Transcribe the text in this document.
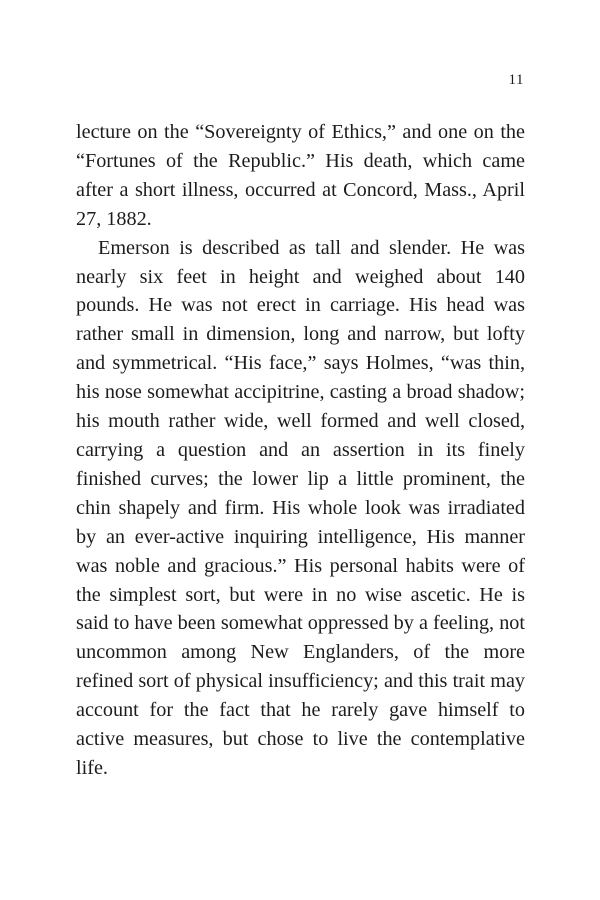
11

lecture on the “Sovereignty of Ethics,” and one on the “Fortunes of the Republic.” His death, which came after a short illness, occurred at Concord, Mass., April 27, 1882.

Emerson is described as tall and slender. He was nearly six feet in height and weighed about 140 pounds. He was not erect in carriage. His head was rather small in dimension, long and narrow, but lofty and symmetrical. “His face,” says Holmes, “was thin, his nose somewhat accipitrine, casting a broad shadow; his mouth rather wide, well formed and well closed, carrying a question and an assertion in its finely finished curves; the lower lip a little prominent, the chin shapely and firm. His whole look was irradiated by an ever-active inquiring intelligence, His manner was noble and gracious.” His personal habits were of the simplest sort, but were in no wise ascetic. He is said to have been somewhat oppressed by a feeling, not uncommon among New Englanders, of the more refined sort of physical insufficiency; and this trait may account for the fact that he rarely gave himself to active measures, but chose to live the contemplative life.
